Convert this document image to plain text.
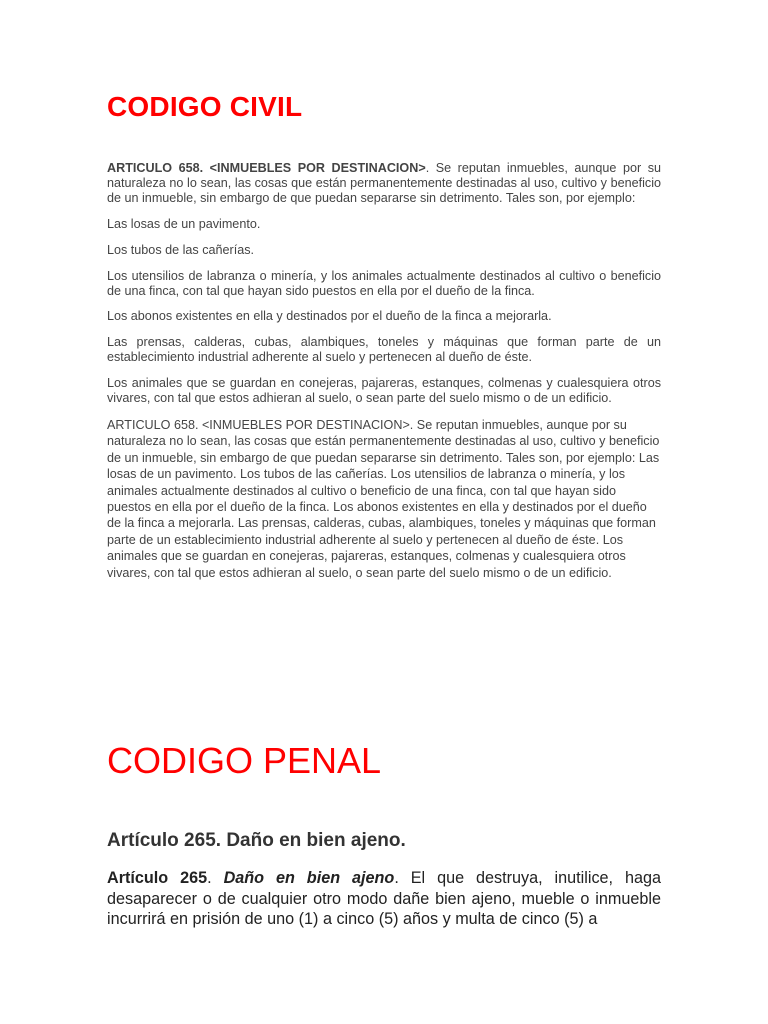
CODIGO CIVIL

ARTICULO 658. <INMUEBLES POR DESTINACION>. Se reputan inmuebles, aunque por su naturaleza no lo sean, las cosas que están permanentemente destinadas al uso, cultivo y beneficio de un inmueble, sin embargo de que puedan separarse sin detrimento. Tales son, por ejemplo:

Las losas de un pavimento.

Los tubos de las cañerías.

Los utensilios de labranza o minería, y los animales actualmente destinados al cultivo o beneficio de una finca, con tal que hayan sido puestos en ella por el dueño de la finca.

Los abonos existentes en ella y destinados por el dueño de la finca a mejorarla.

Las prensas, calderas, cubas, alambiques, toneles y máquinas que forman parte de un establecimiento industrial adherente al suelo y pertenecen al dueño de éste.

Los animales que se guardan en conejeras, pajareras, estanques, colmenas y cualesquiera otros vivares, con tal que estos adhieran al suelo, o sean parte del suelo mismo o de un edificio.

ARTICULO 658. <INMUEBLES POR DESTINACION>. Se reputan inmuebles, aunque por su naturaleza no lo sean, las cosas que están permanentemente destinadas al uso, cultivo y beneficio de un inmueble, sin embargo de que puedan separarse sin detrimento. Tales son, por ejemplo: Las losas de un pavimento. Los tubos de las cañerías. Los utensilios de labranza o minería, y los animales actualmente destinados al cultivo o beneficio de una finca, con tal que hayan sido puestos en ella por el dueño de la finca. Los abonos existentes en ella y destinados por el dueño de la finca a mejorarla. Las prensas, calderas, cubas, alambiques, toneles y máquinas que forman parte de un establecimiento industrial adherente al suelo y pertenecen al dueño de éste. Los animales que se guardan en conejeras, pajareras, estanques, colmenas y cualesquiera otros vivares, con tal que estos adhieran al suelo, o sean parte del suelo mismo o de un edificio.

CODIGO PENAL
Artículo 265. Daño en bien ajeno.

Artículo 265. Daño en bien ajeno. El que destruya, inutilice, haga desaparecer o de cualquier otro modo dañe bien ajeno, mueble o inmueble incurrirá en prisión de uno (1) a cinco (5) años y multa de cinco (5) a
